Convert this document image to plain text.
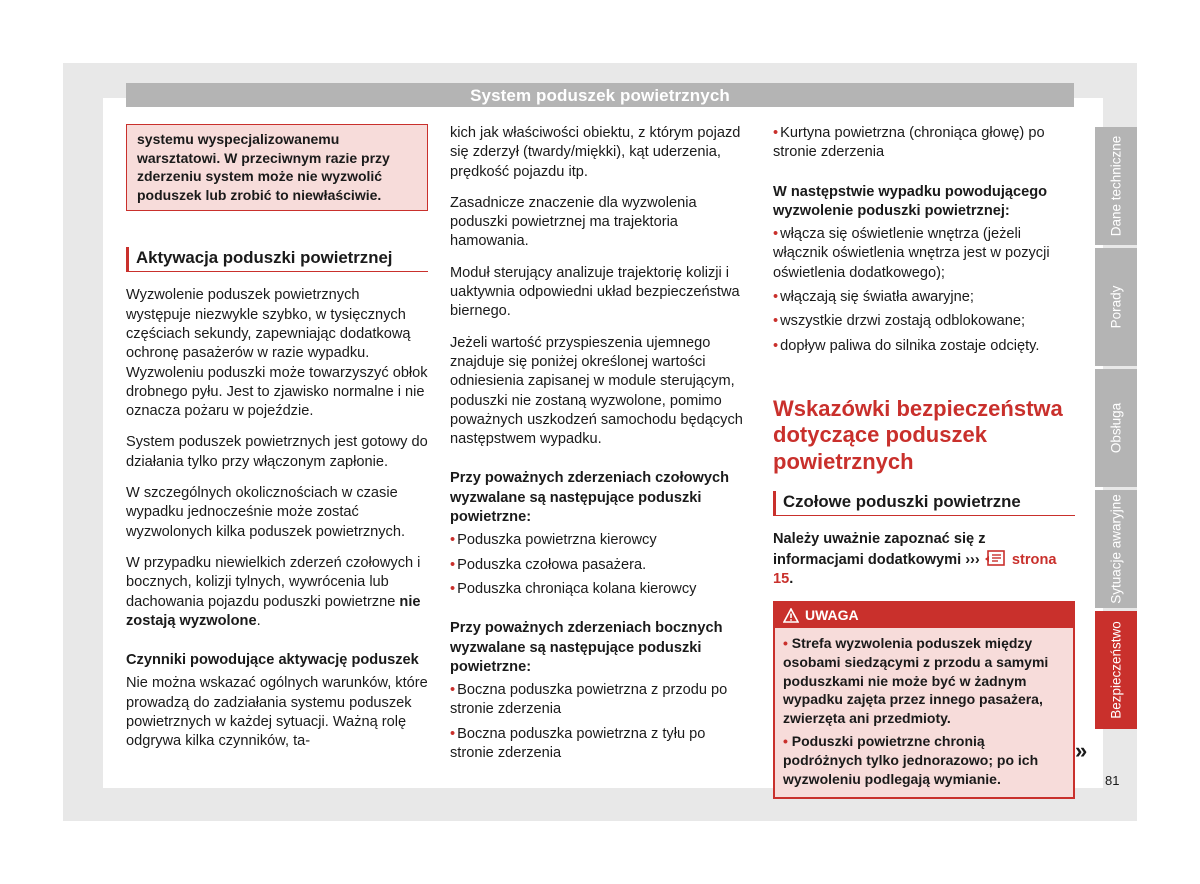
System poduszek powietrznych
systemu wyspecjalizowanemu warsztatowi. W przeciwnym razie przy zderzeniu system może nie wyzwolić poduszek lub zrobić to niewłaściwie.
Aktywacja poduszki powietrznej

Wyzwolenie poduszek powietrznych występuje niezwykle szybko, w tysięcznych częściach sekundy, zapewniając dodatkową ochronę pasażerów w razie wypadku. Wyzwoleniu poduszki może towarzyszyć obłok drobnego pyłu. Jest to zjawisko normalne i nie oznacza pożaru w pojeździe.

System poduszek powietrznych jest gotowy do działania tylko przy włączonym zapłonie.

W szczególnych okolicznościach w czasie wypadku jednocześnie może zostać wyzwolonych kilka poduszek powietrznych.

W przypadku niewielkich zderzeń czołowych i bocznych, kolizji tylnych, wywrócenia lub dachowania pojazdu poduszki powietrzne nie zostają wyzwolone.

Czynniki powodujące aktywację poduszek

Nie można wskazać ogólnych warunków, które prowadzą do zadziałania systemu poduszek powietrznych w każdej sytuacji. Ważną rolę odgrywa kilka czynników, ta-

kich jak właściwości obiektu, z którym pojazd się zderzył (twardy/miękki), kąt uderzenia, prędkość pojazdu itp.

Zasadnicze znaczenie dla wyzwolenia poduszki powietrznej ma trajektoria hamowania.

Moduł sterujący analizuje trajektorię kolizji i uaktywnia odpowiedni układ bezpieczeństwa biernego.

Jeżeli wartość przyspieszenia ujemnego znajduje się poniżej określonej wartości odniesienia zapisanej w module sterującym, poduszki nie zostaną wyzwolone, pomimo poważnych uszkodzeń samochodu będących następstwem wypadku.

Przy poważnych zderzeniach czołowych wyzwalane są następujące poduszki powietrzne:

• Poduszka powietrzna kierowcy

• Poduszka czołowa pasażera.

• Poduszka chroniąca kolana kierowcy

Przy poważnych zderzeniach bocznych wyzwalane są następujące poduszki powietrzne:

• Boczna poduszka powietrzna z przodu po stronie zderzenia

• Boczna poduszka powietrzna z tyłu po stronie zderzenia

• Kurtyna powietrzna (chroniąca głowę) po stronie zderzenia

W następstwie wypadku powodującego wyzwolenie poduszki powietrznej:

• włącza się oświetlenie wnętrza (jeżeli włącznik oświetlenia wnętrza jest w pozycji oświetlenia dodatkowego);

• włączają się światła awaryjne;

• wszystkie drzwi zostają odblokowane;

• dopływ paliwa do silnika zostaje odcięty.

Wskazówki bezpieczeństwa dotyczące poduszek powietrznych
Czołowe poduszki powietrzne

Należy uważnie zapoznać się z informacjami dodatkowymi ››› strona 15.

UWAGA

• Strefa wyzwolenia poduszek między osobami siedzącymi z przodu a samymi poduszkami nie może być w żadnym wypadku zajęta przez innego pasażera, zwierzęta ani przedmioty.

• Poduszki powietrzne chronią podróżnych tylko jednorazowo; po ich wyzwoleniu podlegają wymianie.

»
Dane techniczne
Porady
Obsługa
Sytuacje awaryjne
Bezpieczeństwo
81
